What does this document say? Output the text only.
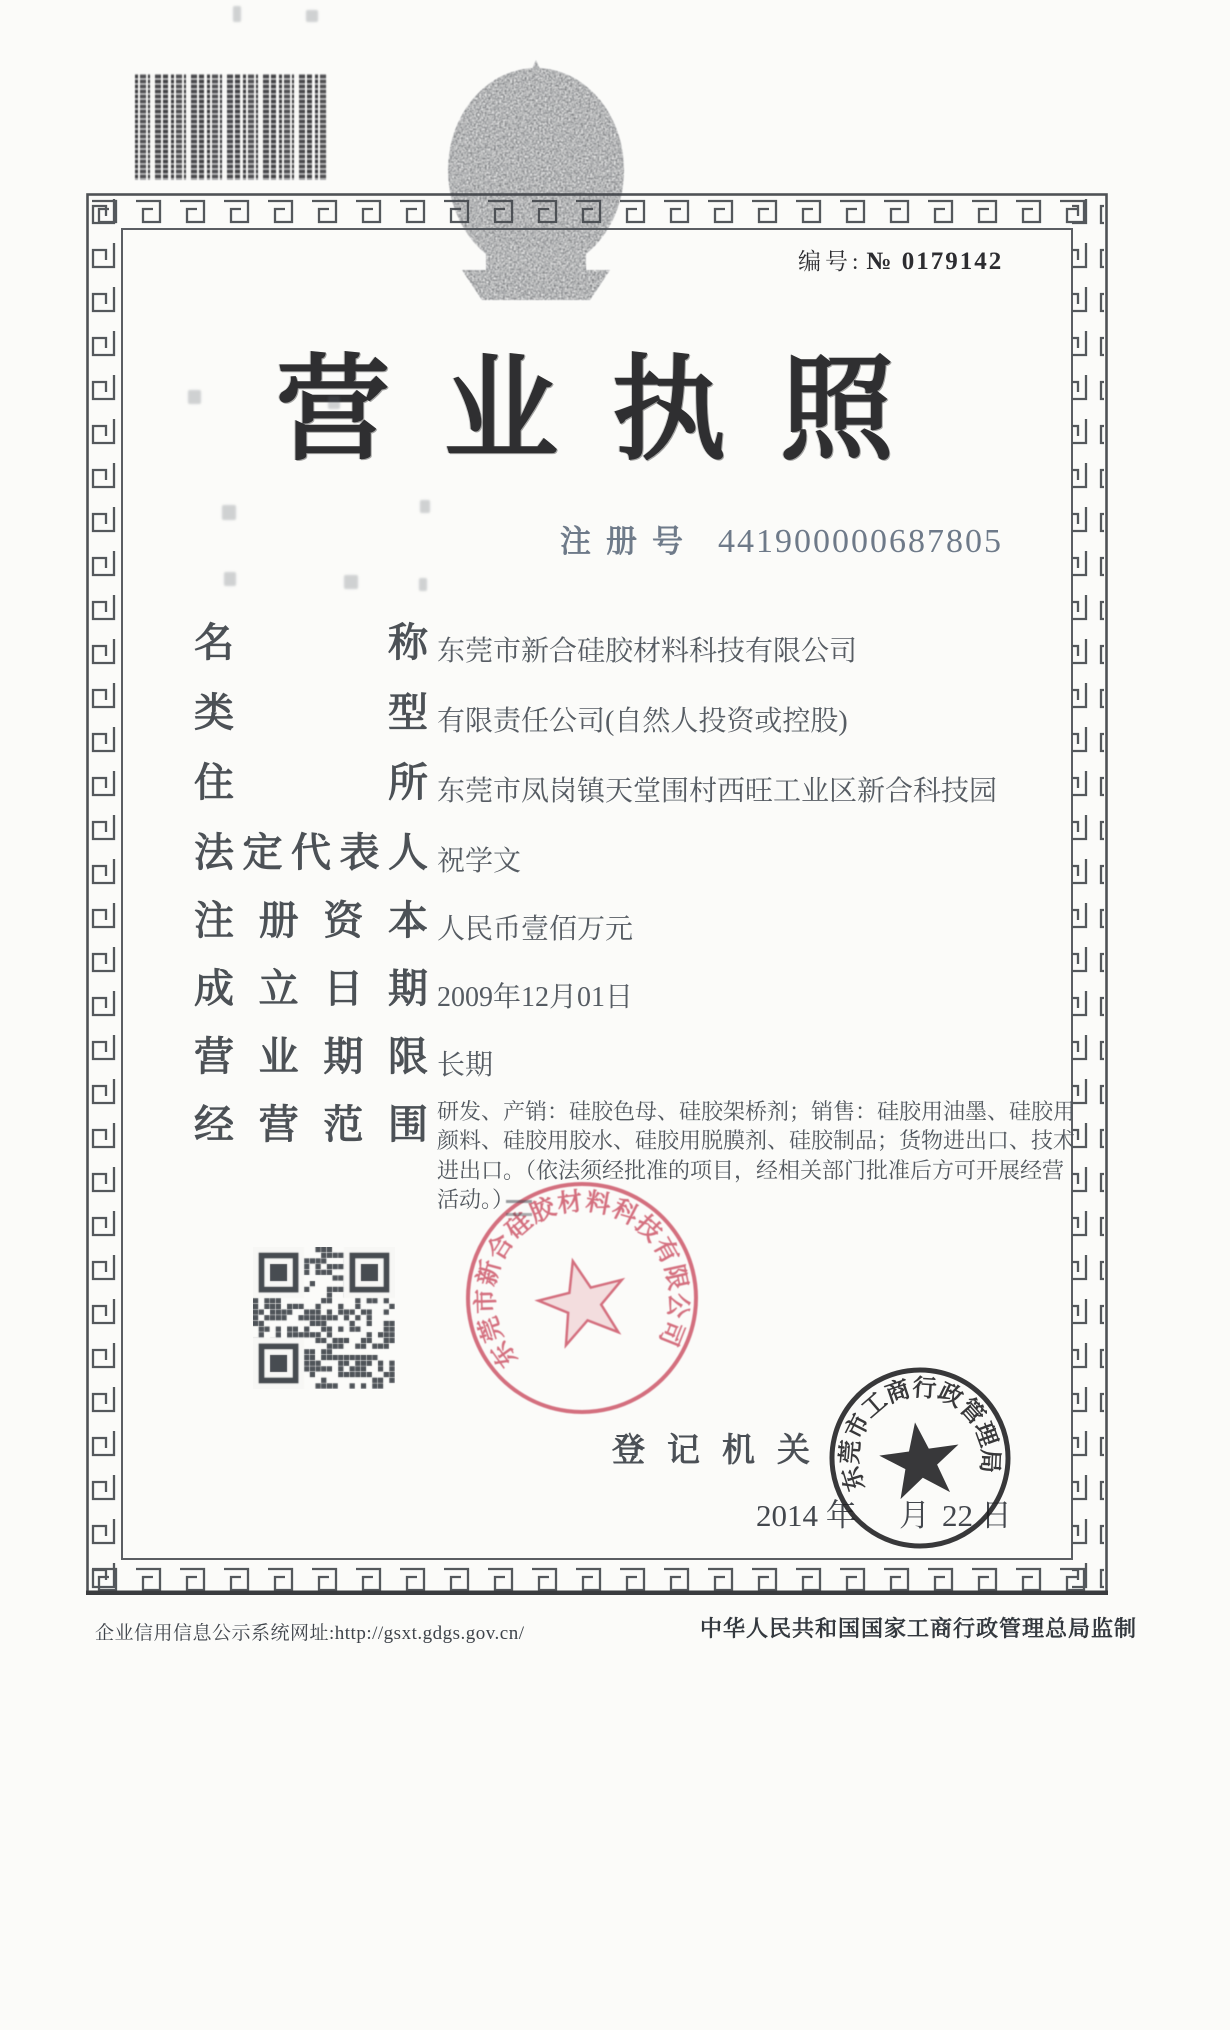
编号: № 0179142
营业执照
注册号 441900000687805
名	称 东莞市新合硅胶材料科技有限公司
类	型 有限责任公司(自然人投资或控股)
住	所 东莞市凤岗镇天堂围村西旺工业区新合科技园
法 定 代 表 人 祝学文
注 册 资 本 人民币壹佰万元
成 立 日 期 2009年12月01日
营 业 期 限 长期
经 营 范 围 研发、产销：硅胶色母、硅胶架桥剂；销售：硅胶用油墨、硅胶用颜料、硅胶用胶水、硅胶用脱膜剂、硅胶制品；货物进出口、技术进出口。（依法须经批准的项目，经相关部门批准后方可开展经营活动。）
东莞市新合硅胶材料科技有限公司
登记机关
2014 年 月 22 日
东莞市工商行政管理局
企业信用信息公示系统网址:http://gsxt.gdgs.gov.cn/	中华人民共和国国家工商行政管理总局监制
